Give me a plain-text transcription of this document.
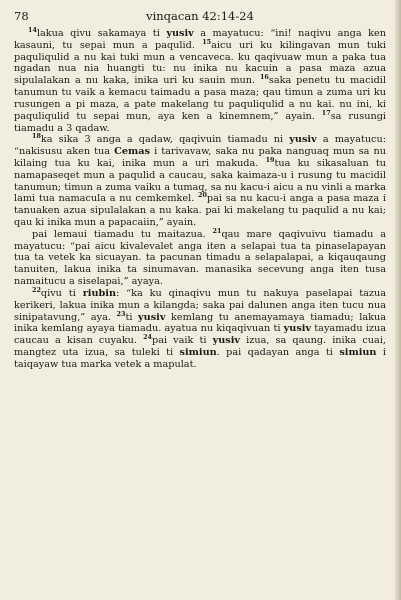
78	vinqacan 42:14-24

$^{14}$lakua qivu sakamaya ti yusiv a mayatucu: “ini! naqivu anga ken kasauni, tu sepai mun a paqulid. $^{15}$aicu uri ku kilingavan mun tuki paquliqulid a nu kai tuki mun a vencaveca. ku qaqivuaw mun a paka tua ngadan nua nia huangti tu: nu inika nu kacuin a pasa maza azua sipulalakan a nu kaka, inika uri ku sauin mun. $^{16}$saka penetu tu macidil tanumun tu vaik a kemacu taimadu a pasa maza; qau timun a zuma uri ku rusungen a pi maza, a pate makelang tu paquliqulid a nu kai. nu ini, ki paquliqulid tu sepai mun, aya ken a kinemnem,” ayain. $^{17}$sa rusungi tiamadu a 3 qadaw.

$^{18}$ka sika 3 anga a qadaw, qaqivuin tiamadu ni yusiv a mayatucu: “nakisusu aken tua Cemas i tarivavaw, saka nu paka nanguaq mun sa nu kilaing tua ku kai, inika mun a uri makuda. $^{19}$tua ku sikasaluan tu namapaseqet mun a paqulid a caucau, saka kaimaza-u i rusung tu macidil tanumun; timun a zuma vaiku a tumaq, sa nu kacu-i aicu a nu vinli a marka lami tua namacula a nu cemkemkel. $^{20}$pai sa nu kacu-i anga a pasa maza i tanuaken azua sipulalakan a nu kaka. pai ki makelang tu paqulid a nu kai; qau ki inika mun a papacaiin,” ayain.

pai lemaui tiamadu tu maitazua. $^{21}$qau mare qaqivuivu tiamadu a mayatucu: “pai aicu kivalevalet anga iten a selapai tua ta pinaselapayan tua ta vetek ka sicuayan. ta pacunan timadu a selapalapai, a kiqauqaung tanuiten, lakua inika ta sinumavan. manasika secevung anga iten tusa namaitucu a siselapai,” ayaya.

$^{22}$qivu ti riubin: “ka ku qinaqivu mun tu nakuya paselapai tazua kerikeri, lakua inika mun a kilangda; saka pai dalunen anga iten tucu nua sinipatavung,” aya. $^{23}$ti yusiv kemlang tu anemayamaya tiamadu; lakua inika kemlang ayaya tiamadu. ayatua nu kiqaqivuan ti yusiv tayamadu izua caucau a kisan cuyaku. $^{24}$pai vaik ti yusiv izua, sa qaung. inika cuai, mangtez uta izua, sa tuleki ti simiun. pai qadayan anga ti simiun i taiqayaw tua marka vetek a mapulat.
